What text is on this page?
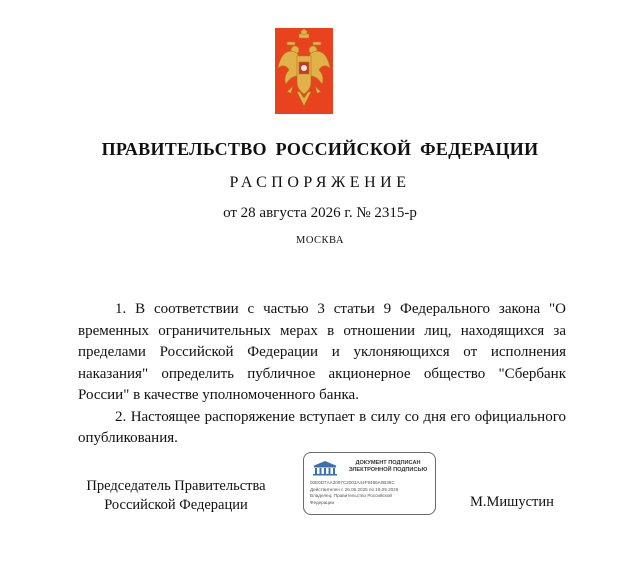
ПРАВИТЕЛЬСТВО РОССИЙСКОЙ ФЕДЕРАЦИИ
РАСПОРЯЖЕНИЕ
от 28 августа 2026 г. № 2315-р
МОСКВА

1. В соответствии с частью 3 статьи 9 Федерального закона "О временных ограничительных мерах в отношении лиц, находящихся за пределами Российской Федерации и уклоняющихся от исполнения наказания" определить публичное акционерное общество "Сбербанк России" в качестве уполномоченного банка.

2. Настоящее распоряжение вступает в силу со дня его официального опубликования.

Председатель Правительства
Российской Федерации
ДОКУМЕНТ ПОДПИСАН
ЭЛЕКТРОННОЙ ПОДПИСЬЮ
00E0D7AA2097C2003A44F9486A0B38C
Действителен с 26.06.2025 по 19.09.2026
Владелец: Правительство Российской
Федерации	М.Мишустин
